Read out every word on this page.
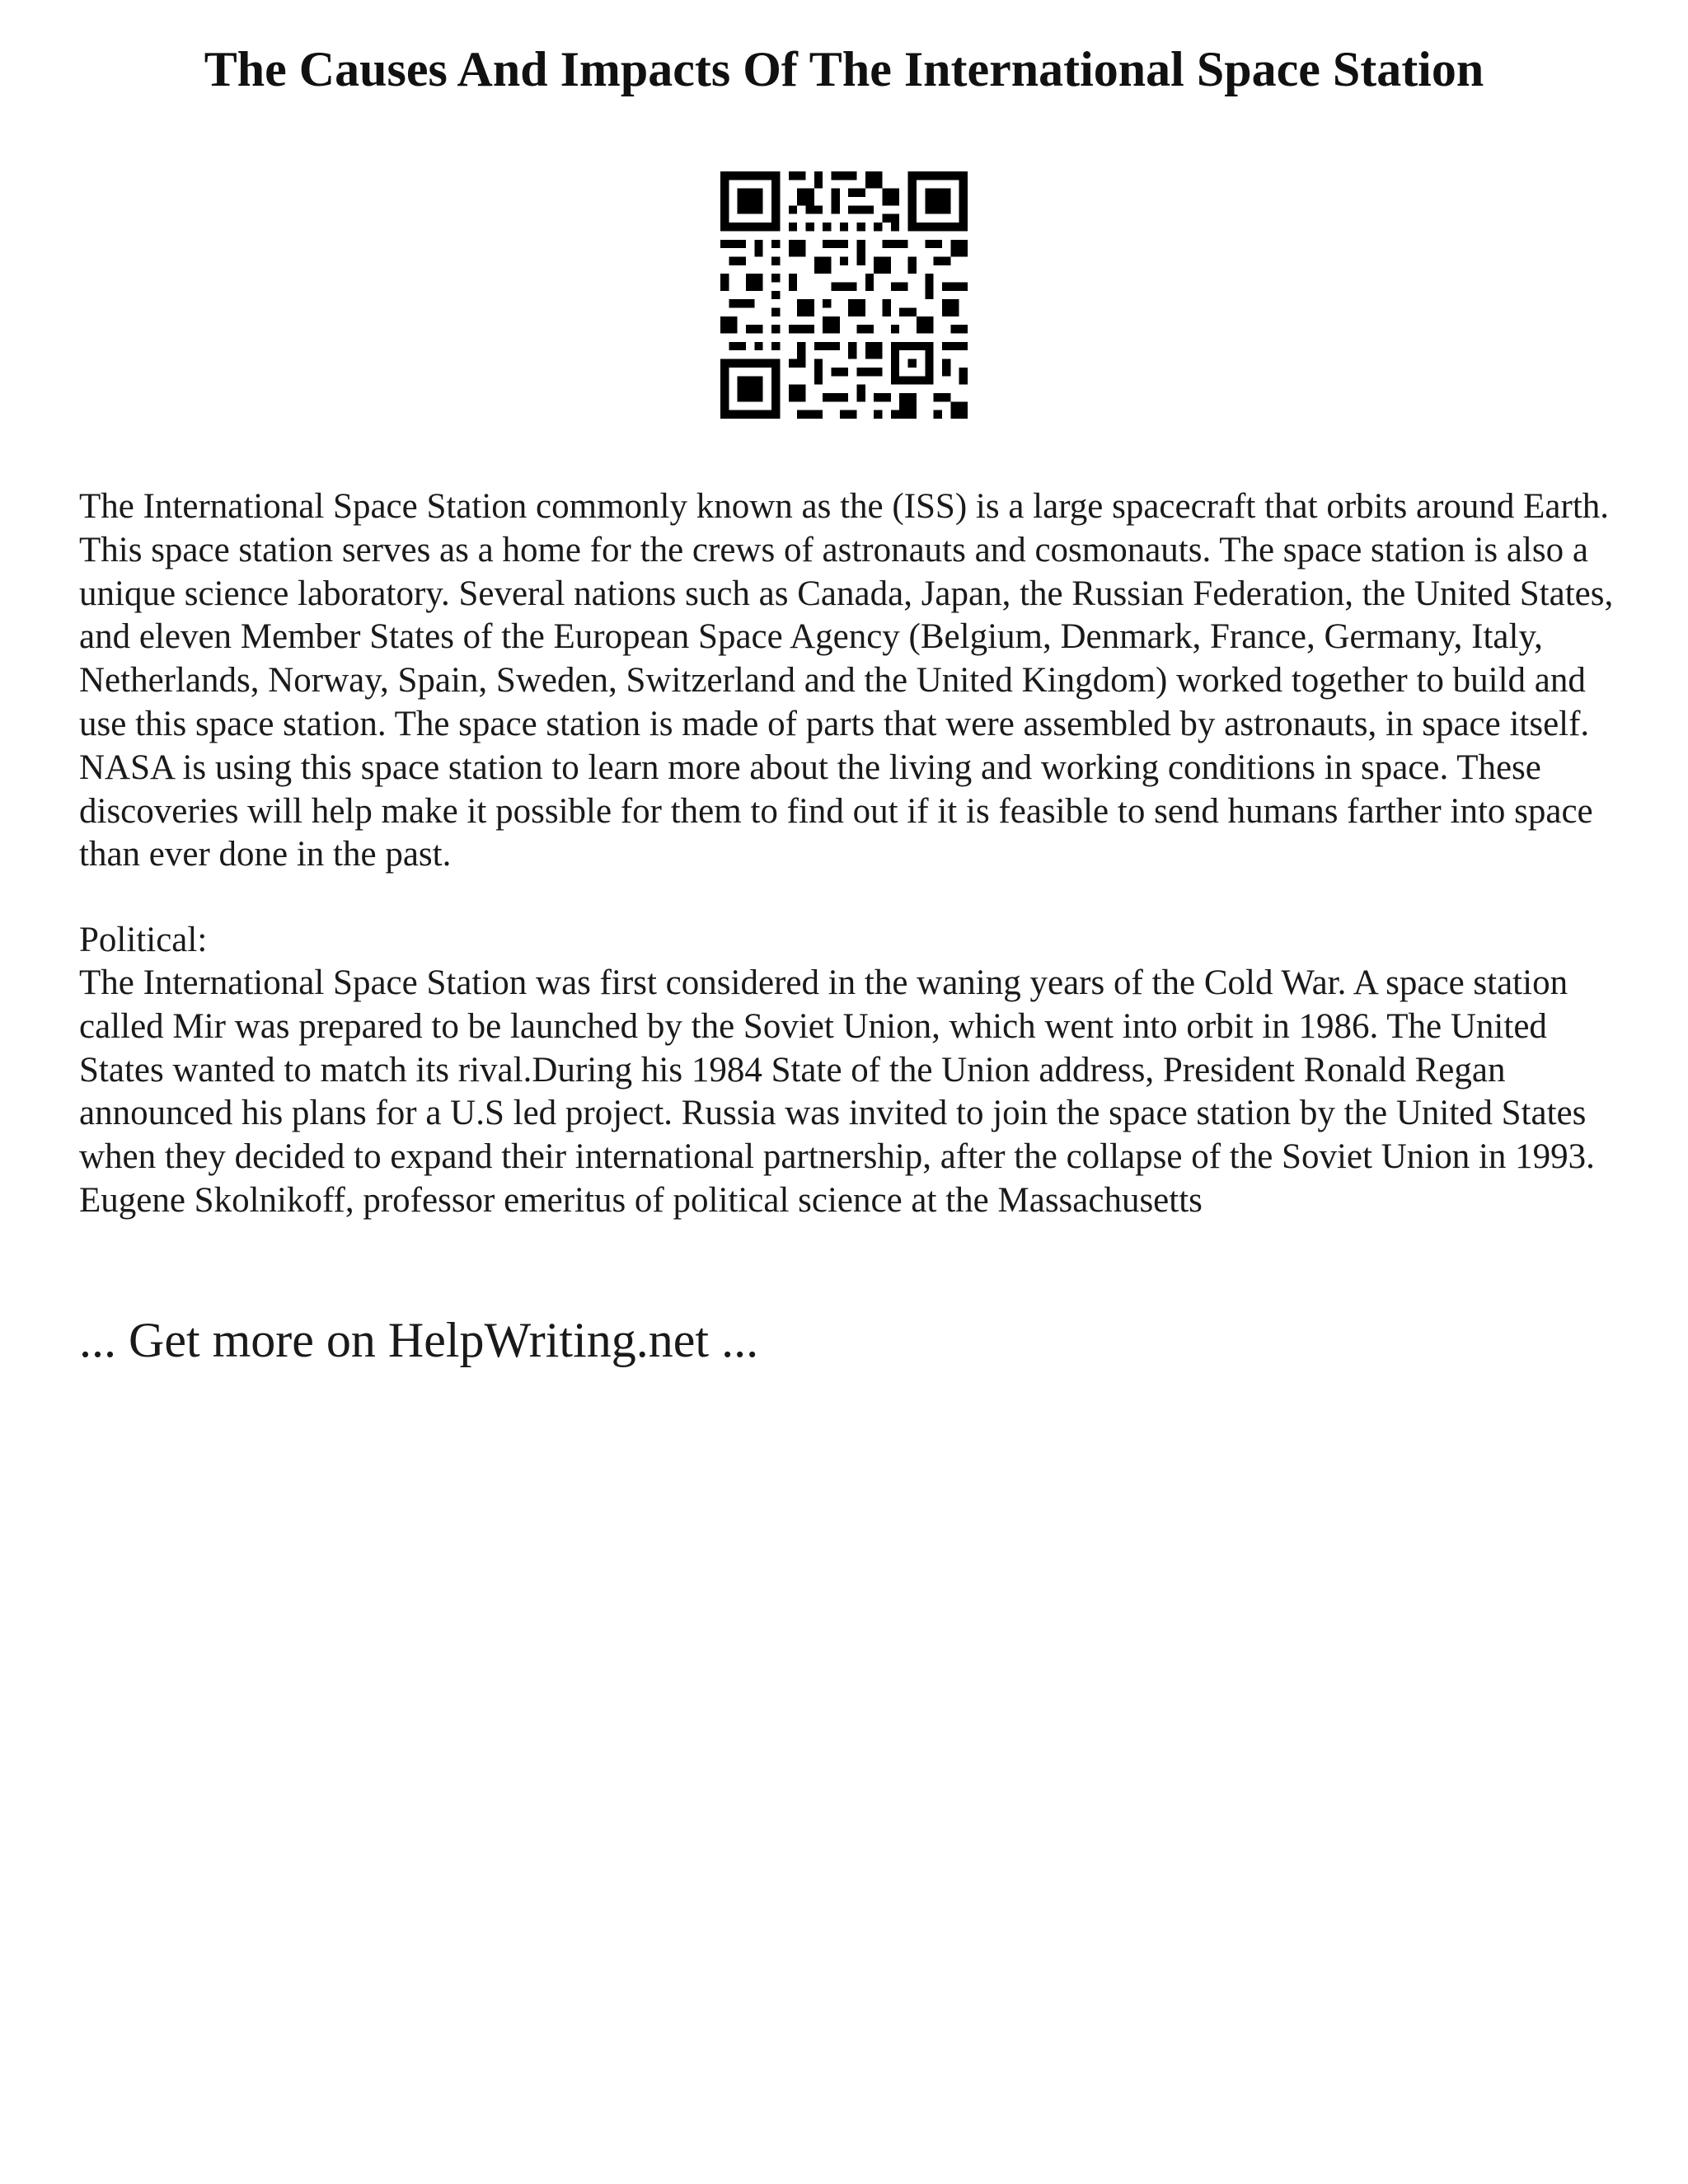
The Causes And Impacts Of The International Space Station

The International Space Station commonly known as the (ISS) is a large spacecraft that orbits around Earth. This space station serves as a home for the crews of astronauts and cosmonauts. The space station is also a unique science laboratory. Several nations such as Canada, Japan, the Russian Federation, the United States, and eleven Member States of the European Space Agency (Belgium, Denmark, France, Germany, Italy, Netherlands, Norway, Spain, Sweden, Switzerland and the United Kingdom) worked together to build and use this space station. The space station is made of parts that were assembled by astronauts, in space itself. NASA is using this space station to learn more about the living and working conditions in space. These discoveries will help make it possible for them to find out if it is feasible to send humans farther into space than ever done in the past.

Political:

The International Space Station was first considered in the waning years of the Cold War. A space station called Mir was prepared to be launched by the Soviet Union, which went into orbit in 1986. The United States wanted to match its rival.During his 1984 State of the Union address, President Ronald Regan announced his plans for a U.S led project. Russia was invited to join the space station by the United States when they decided to expand their international partnership, after the collapse of the Soviet Union in 1993. Eugene Skolnikoff, professor emeritus of political science at the Massachusetts

... Get more on HelpWriting.net ...
